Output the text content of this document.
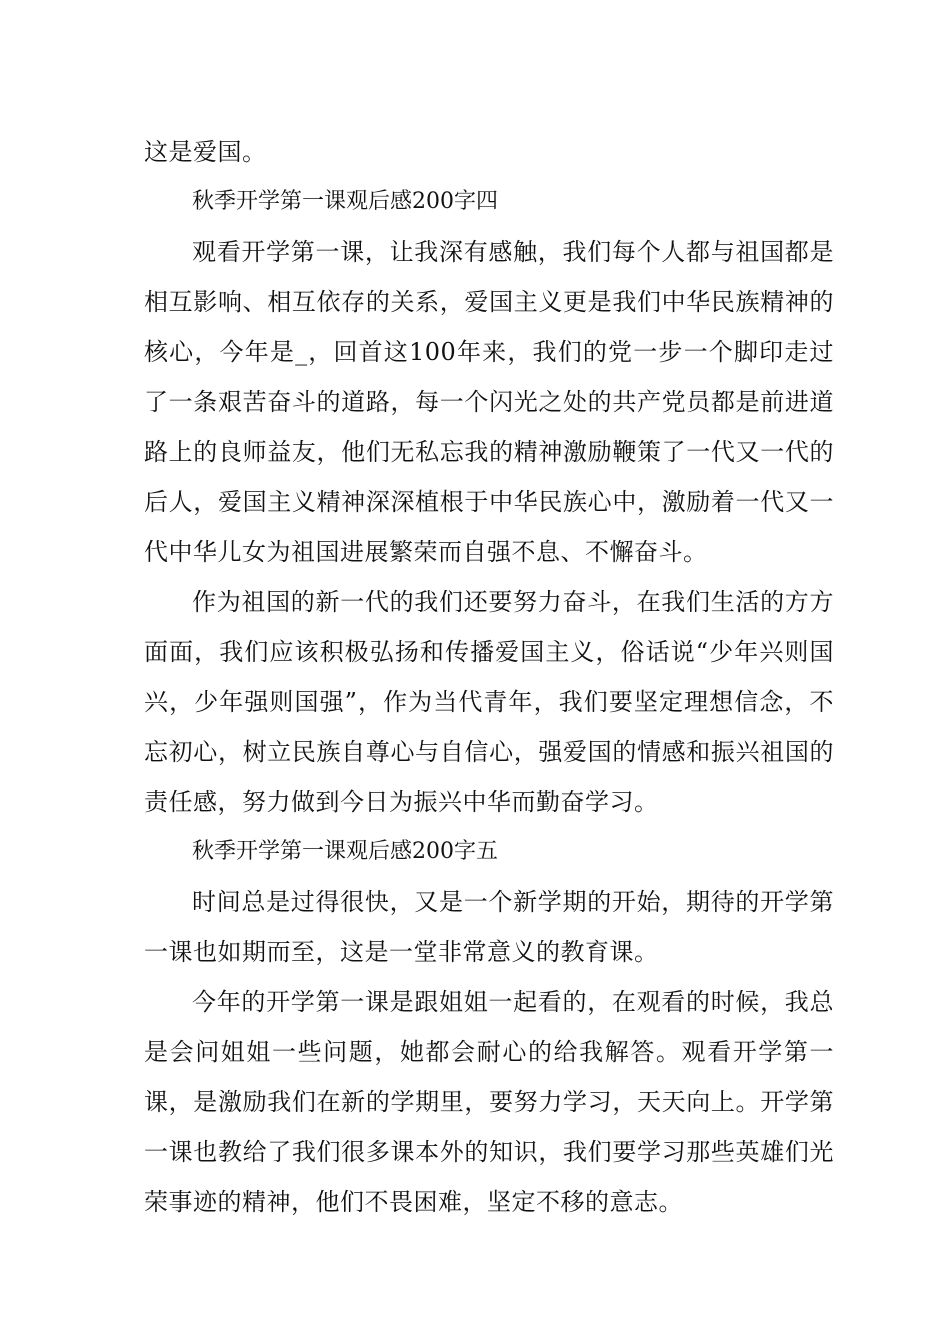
这是爱国。

秋季开学第一课观后感200字四

观看开学第一课，让我深有感触，我们每个人都与祖国都是相互影响、相互依存的关系，爱国主义更是我们中华民族精神的核心，今年是_，回首这100年来，我们的党一步一个脚印走过了一条艰苦奋斗的道路，每一个闪光之处的共产党员都是前进道路上的良师益友，他们无私忘我的精神激励鞭策了一代又一代的后人，爱国主义精神深深植根于中华民族心中，激励着一代又一代中华儿女为祖国进展繁荣而自强不息、不懈奋斗。

作为祖国的新一代的我们还要努力奋斗，在我们生活的方方面面，我们应该积极弘扬和传播爱国主义，俗话说“少年兴则国兴，少年强则国强”，作为当代青年，我们要坚定理想信念，不忘初心，树立民族自尊心与自信心，强爱国的情感和振兴祖国的责任感，努力做到今日为振兴中华而勤奋学习。

秋季开学第一课观后感200字五

时间总是过得很快，又是一个新学期的开始，期待的开学第一课也如期而至，这是一堂非常意义的教育课。

今年的开学第一课是跟姐姐一起看的，在观看的时候，我总是会问姐姐一些问题，她都会耐心的给我解答。观看开学第一课，是激励我们在新的学期里，要努力学习，天天向上。开学第一课也教给了我们很多课本外的知识，我们要学习那些英雄们光荣事迹的精神，他们不畏困难，坚定不移的意志。
